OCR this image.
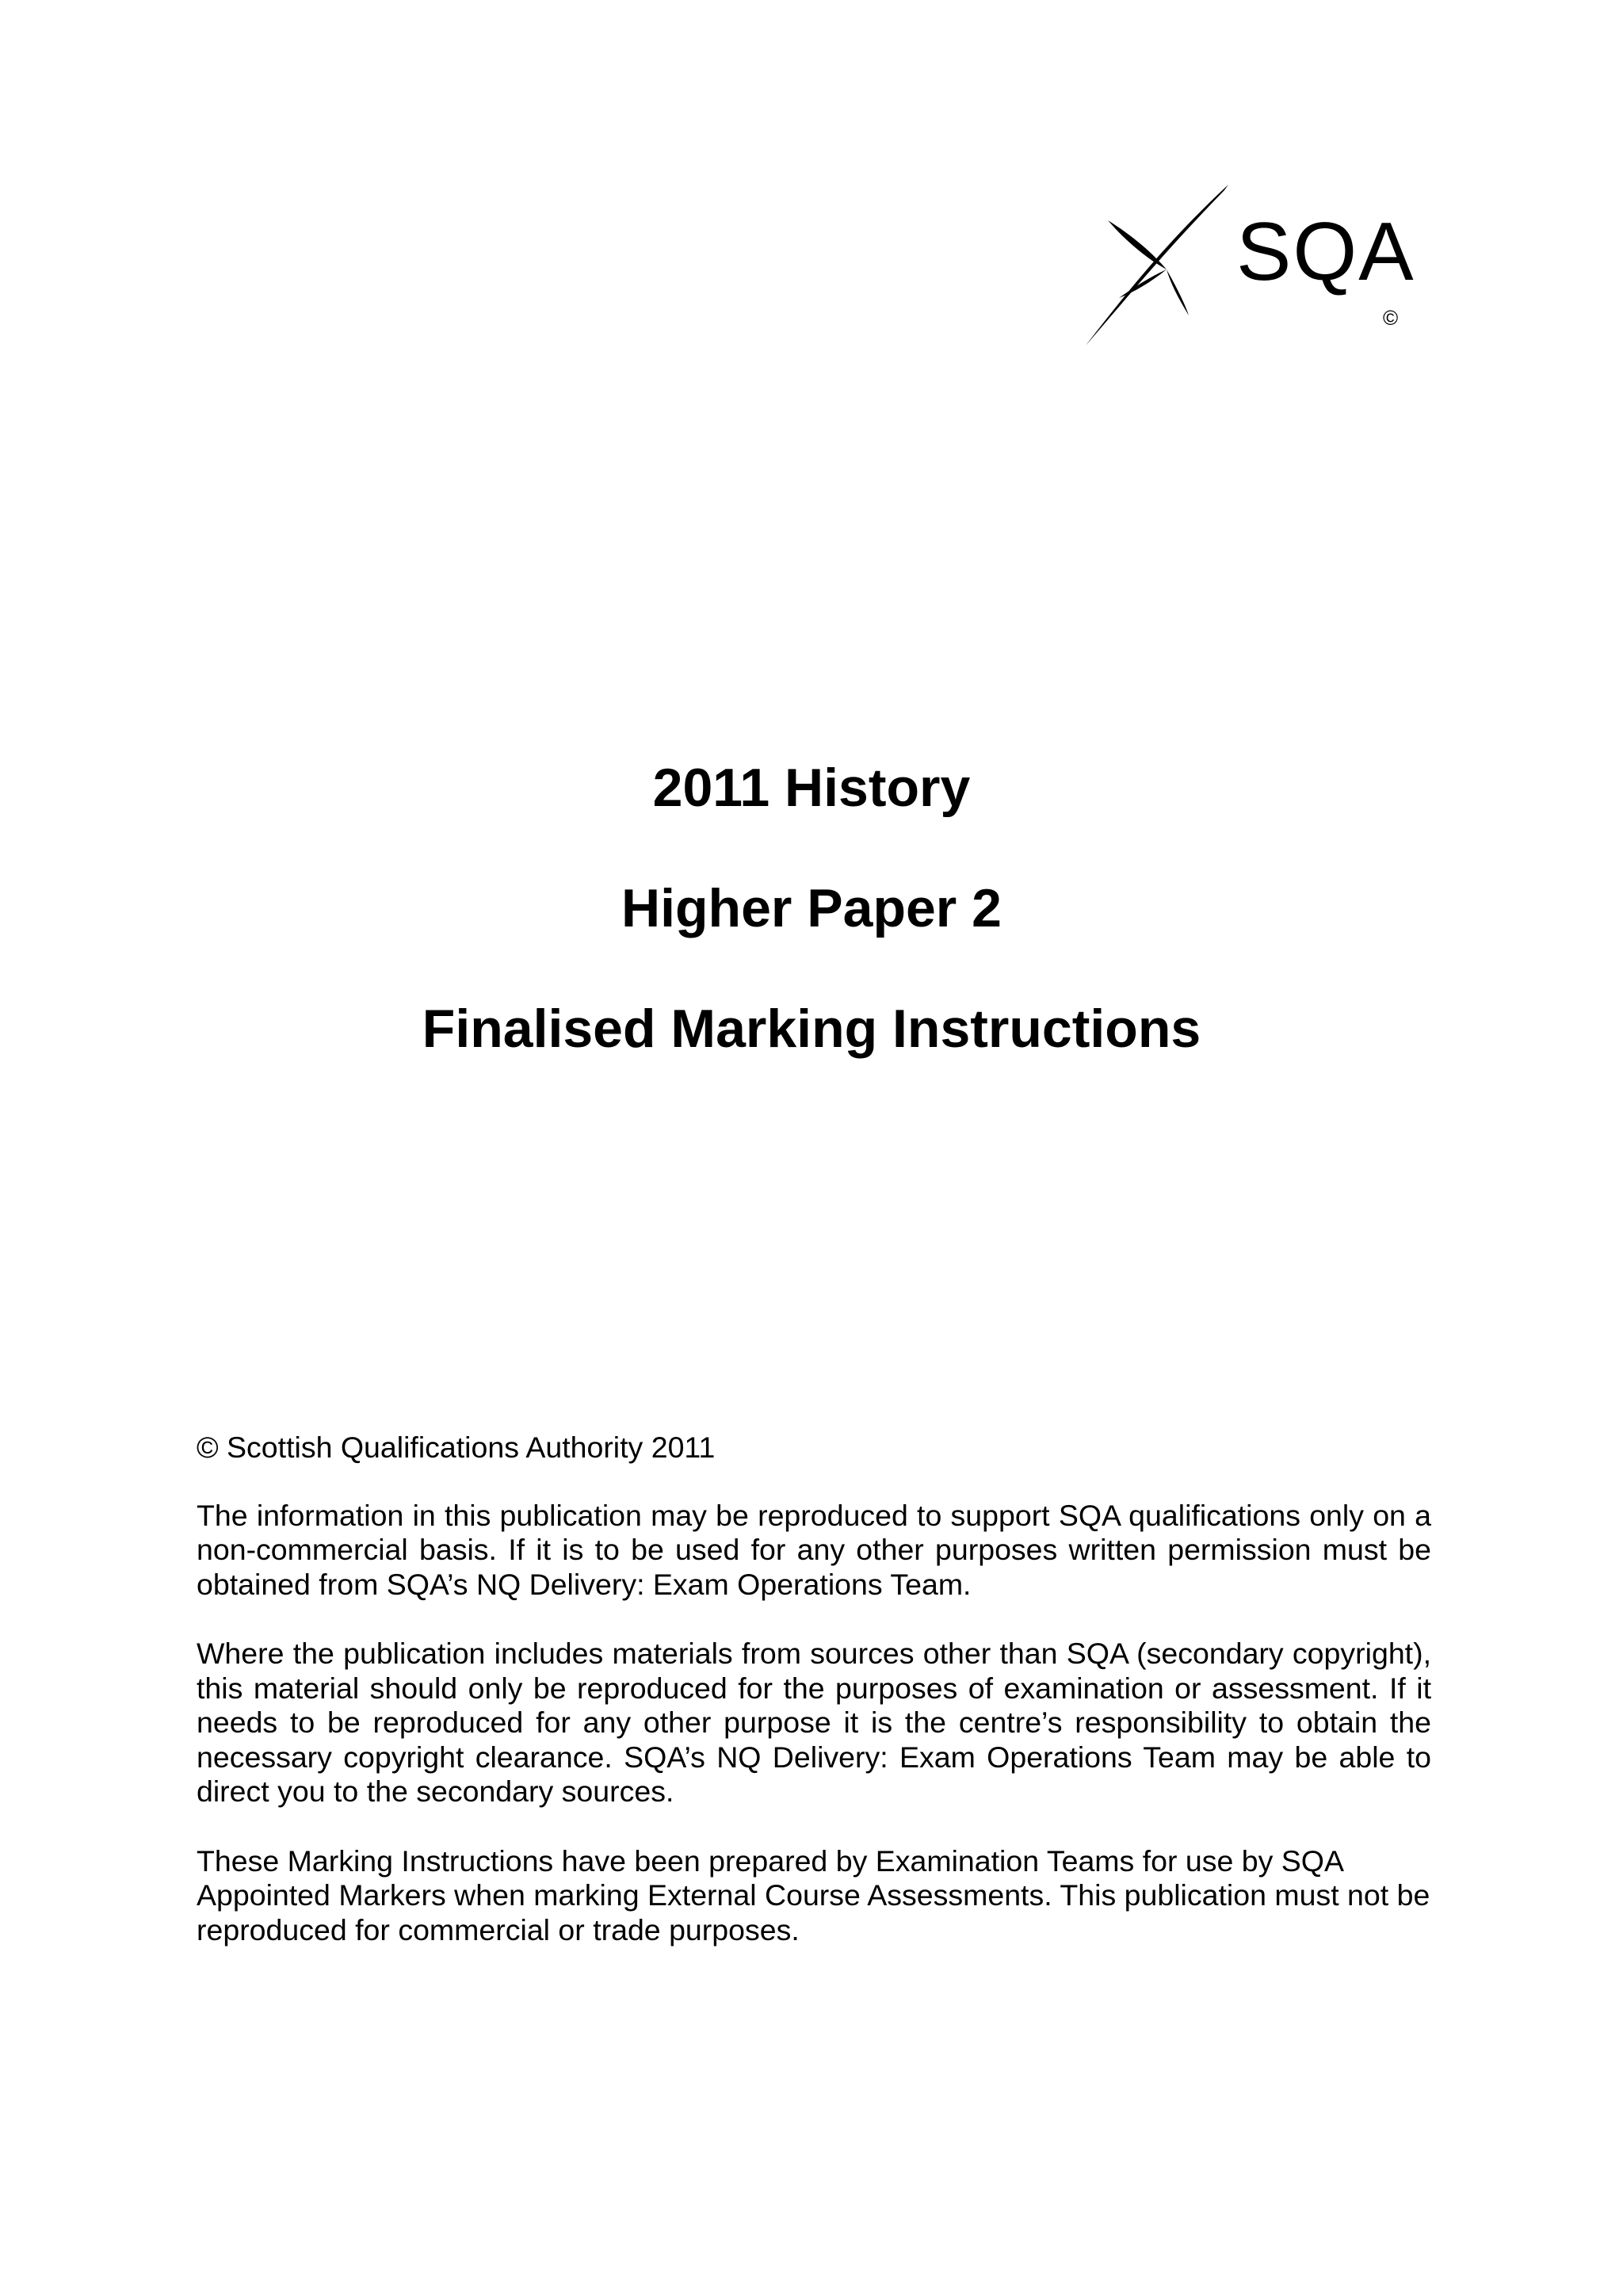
SQA
©

2011 History

Higher Paper 2

Finalised Marking Instructions

© Scottish Qualifications Authority 2011

The information in this publication may be reproduced to support SQA qualifications only on a non-commercial basis. If it is to be used for any other purposes written permission must be obtained from SQA’s NQ Delivery: Exam Operations Team.

Where the publication includes materials from sources other than SQA (secondary copyright), this material should only be reproduced for the purposes of examination or assessment. If it needs to be reproduced for any other purpose it is the centre’s responsibility to obtain the necessary copyright clearance. SQA’s NQ Delivery: Exam Operations Team may be able to direct you to the secondary sources.

These Marking Instructions have been prepared by Examination Teams for use by SQA Appointed Markers when marking External Course Assessments. This publication must not be reproduced for commercial or trade purposes.
